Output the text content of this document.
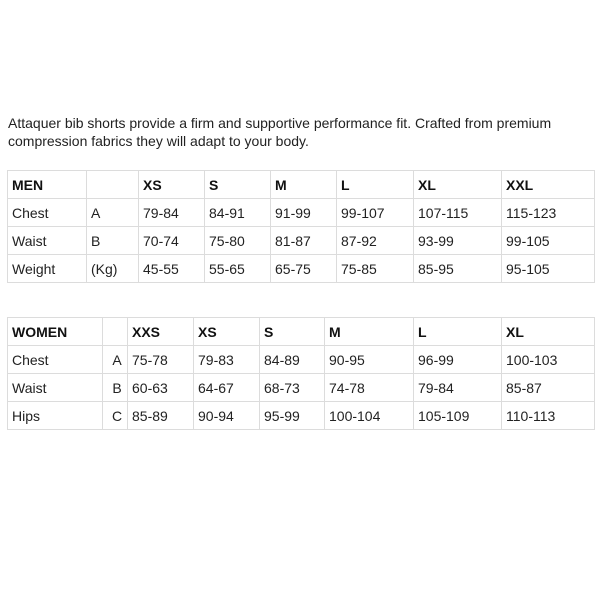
Attaquer bib shorts provide a firm and supportive performance fit. Crafted from premium
compression fabrics they will adapt to your body.

MEN		XS	S	M	L	XL	XXL
Chest	A	79-84	84-91	91-99	99-107	107-115	115-123
Waist	B	70-74	75-80	81-87	87-92	93-99	99-105
Weight	(Kg)	45-55	55-65	65-75	75-85	85-95	95-105
WOMEN		XXS	XS	S	M	L	XL
Chest	A	75-78	79-83	84-89	90-95	96-99	100-103
Waist	B	60-63	64-67	68-73	74-78	79-84	85-87
Hips	C	85-89	90-94	95-99	100-104	105-109	110-113
